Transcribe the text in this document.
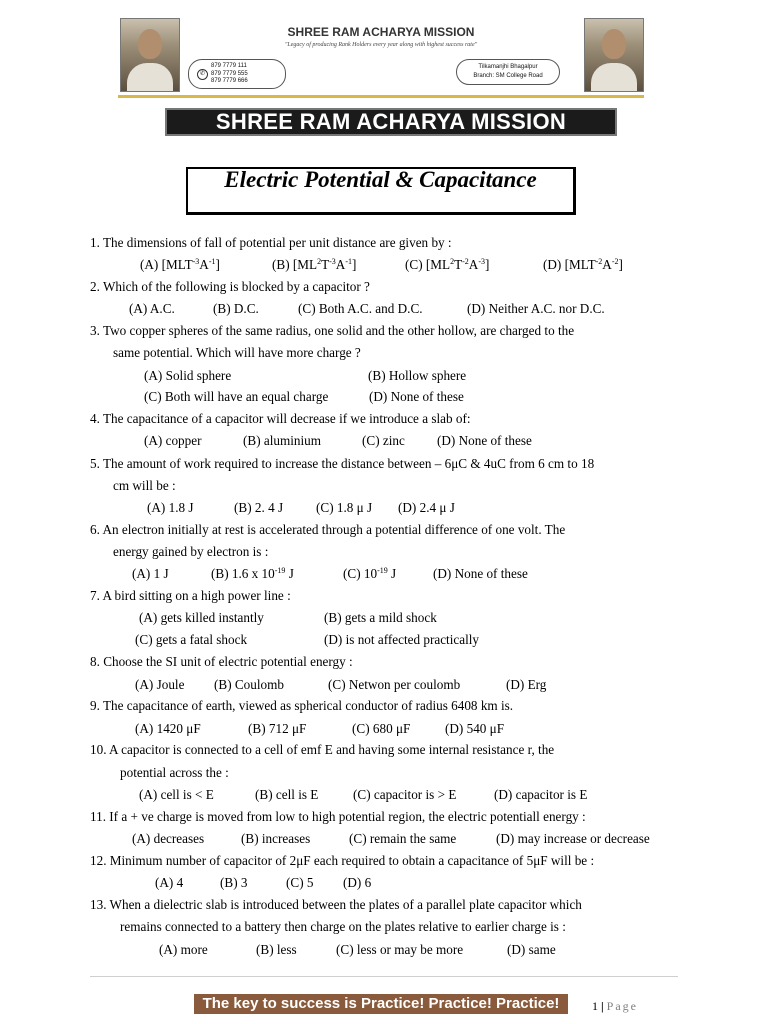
SHREE RAM ACHARYA MISSION
"Legacy of producing Rank Holders every year along with highest success rate"
✆
879 7779 111
879 7779 555
879 7779 666
Tilkamanjhi Bhagalpur
Branch: SM College Road
SHREE RAM ACHARYA MISSION
Electric Potential & Capacitance
1. The dimensions of fall of potential per unit distance are given by :
(A) $[MLT^{-3}A^{-1}]$	(B) $[ML^2T^{-3}A^{-1}]$	(C) $[ML^2T^{-2}A^{-3}]$	(D) $[MLT^{-2}A^{-2}]$
2. Which of the following is blocked by a capacitor ?
(A) A.C.	(B) D.C.	(C) Both A.C. and D.C.	(D) Neither A.C. nor D.C.
3. Two copper spheres of the same radius, one solid and the other hollow, are charged to the
same potential. Which will have more charge ?
(A) Solid sphere	(B) Hollow sphere
(C) Both will have an equal charge	(D) None of these
4. The capacitance of a capacitor will decrease if we introduce a slab of:
(A) copper	(B) aluminium	(C) zinc (D) None of these
5. The amount of work required to increase the distance between – 6μC & 4uC from 6 cm to 18
cm will be :
(A) 1.8 J	(B) 2. 4 J (C) 1.8 μ J (D) 2.4 μ J
6. An electron initially at rest is accelerated through a potential difference of one volt. The
energy gained by electron is :
(A) 1 J	(B) 1.6 x $10^{-19}$ J	(C) $10^{-19}$ J	(D) None of these
7. A bird sitting on a high power line :
(A) gets killed instantly	(B) gets a mild shock
(C) gets a fatal shock	(D) is not affected practically
8. Choose the SI unit of electric potential energy :
(A) Joule (B) Coulomb	(C) Netwon per coulomb	(D) Erg
9. The capacitance of earth, viewed as spherical conductor of radius 6408 km is.
(A) 1420 μF	(B) 712 μF	(C) 680 μF	(D) 540 μF
10. A capacitor is connected to a cell of emf E and having some internal resistance r, the
potential across the :
(A) cell is < E	(B) cell is E	(C) capacitor is > E	(D) capacitor is E
11. If a + ve charge is moved from low to high potential region, the electric potentiall energy :
(A) decreases	(B) increases	(C) remain the same	(D) may increase or decrease
12. Minimum number of capacitor of 2μF each required to obtain a capacitance of 5μF will be :
(A) 4	(B) 3	(C) 5 (D) 6
13. When a dielectric slab is introduced between the plates of a parallel plate capacitor which
remains connected to a battery then charge on the plates relative to earlier charge is :
(A) more	(B) less	(C) less or may be more	(D) same
The key to success is Practice! Practice! Practice!	1 | Page
